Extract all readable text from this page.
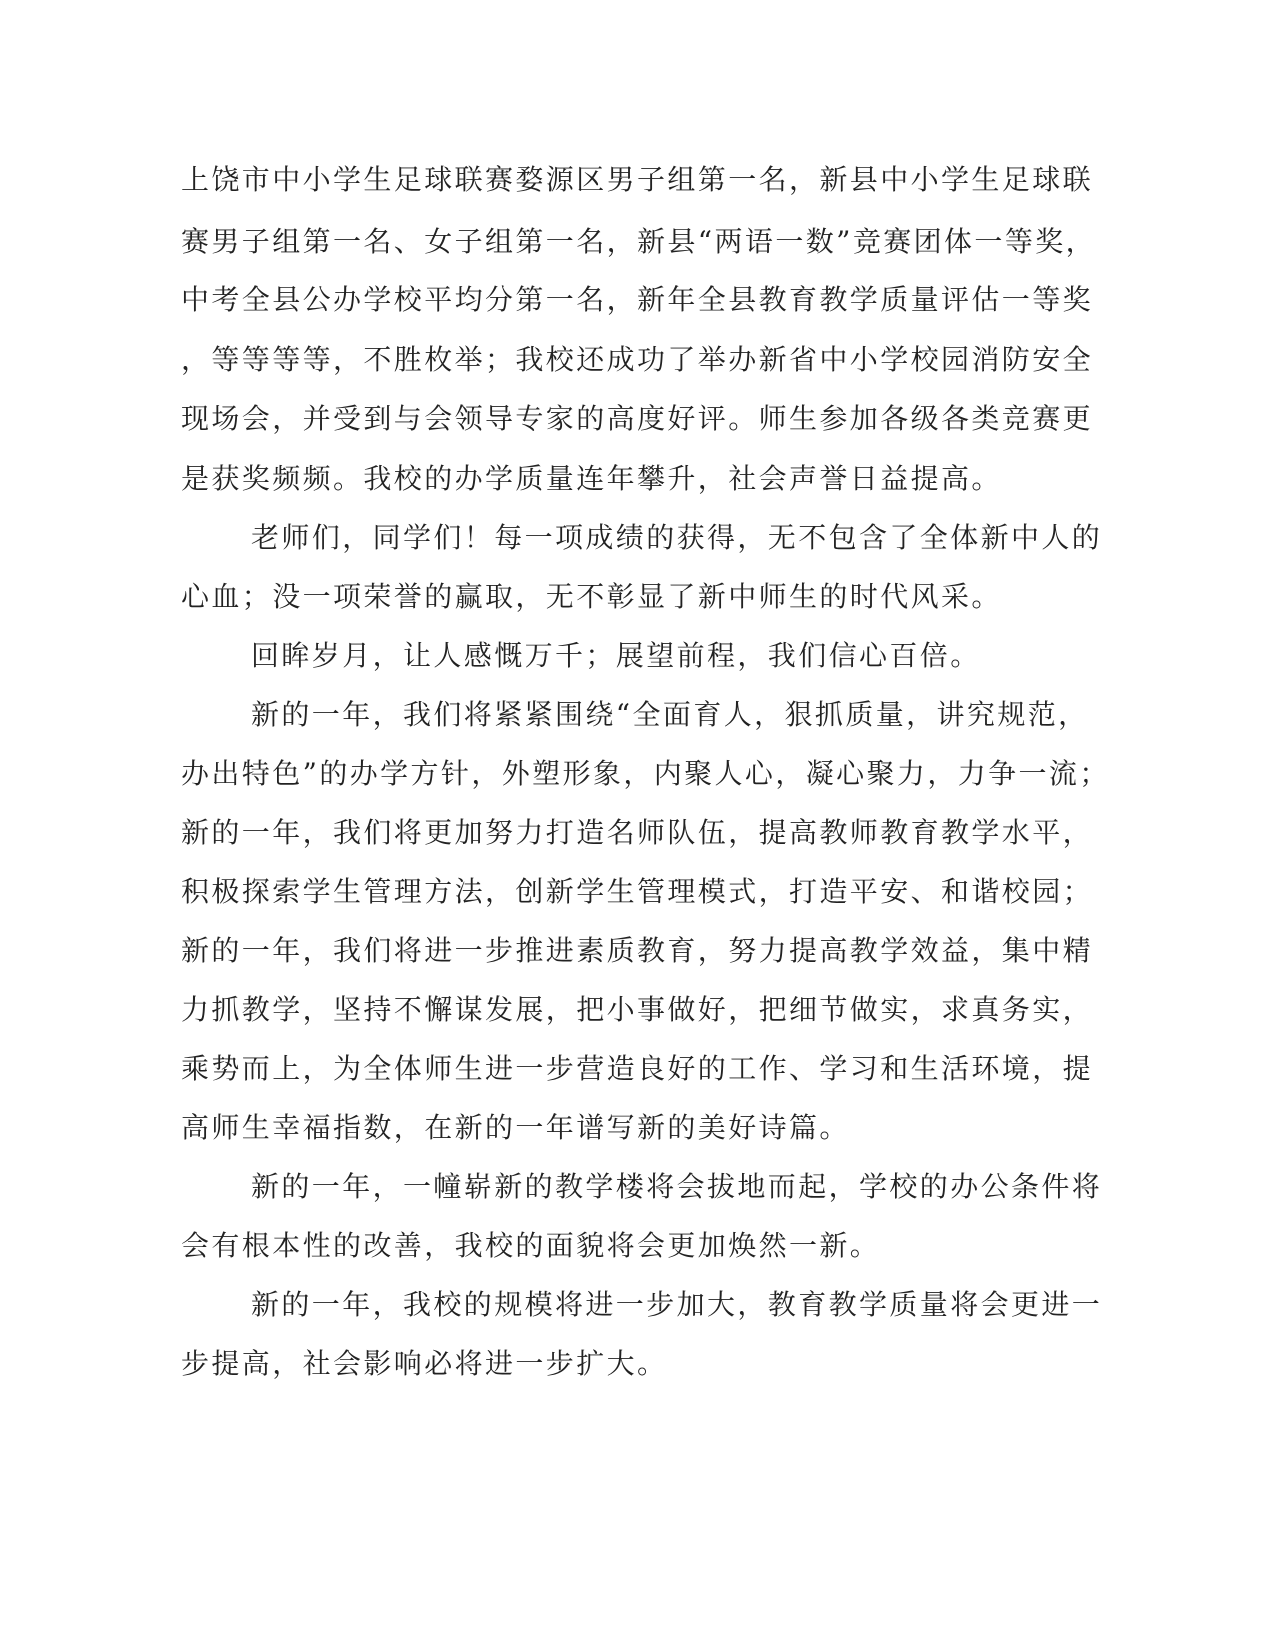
上饶市中小学生足球联赛婺源区男子组第一名，新县中小学生足球联
赛男子组第一名、女子组第一名，新县“两语一数”竞赛团体一等奖，
中考全县公办学校平均分第一名，新年全县教育教学质量评估一等奖
，等等等等，不胜枚举；我校还成功了举办新省中小学校园消防安全
现场会，并受到与会领导专家的高度好评。师生参加各级各类竞赛更
是获奖频频。我校的办学质量连年攀升，社会声誉日益提高。
老师们，同学们！每一项成绩的获得，无不包含了全体新中人的
心血；没一项荣誉的赢取，无不彰显了新中师生的时代风采。
回眸岁月，让人感慨万千；展望前程，我们信心百倍。
新的一年，我们将紧紧围绕“全面育人，狠抓质量，讲究规范，
办出特色”的办学方针，外塑形象，内聚人心，凝心聚力，力争一流；
新的一年，我们将更加努力打造名师队伍，提高教师教育教学水平，
积极探索学生管理方法，创新学生管理模式，打造平安、和谐校园；
新的一年，我们将进一步推进素质教育，努力提高教学效益，集中精
力抓教学，坚持不懈谋发展，把小事做好，把细节做实，求真务实，
乘势而上，为全体师生进一步营造良好的工作、学习和生活环境，提
高师生幸福指数，在新的一年谱写新的美好诗篇。
新的一年，一幢崭新的教学楼将会拔地而起，学校的办公条件将
会有根本性的改善，我校的面貌将会更加焕然一新。
新的一年，我校的规模将进一步加大，教育教学质量将会更进一
步提高，社会影响必将进一步扩大。
